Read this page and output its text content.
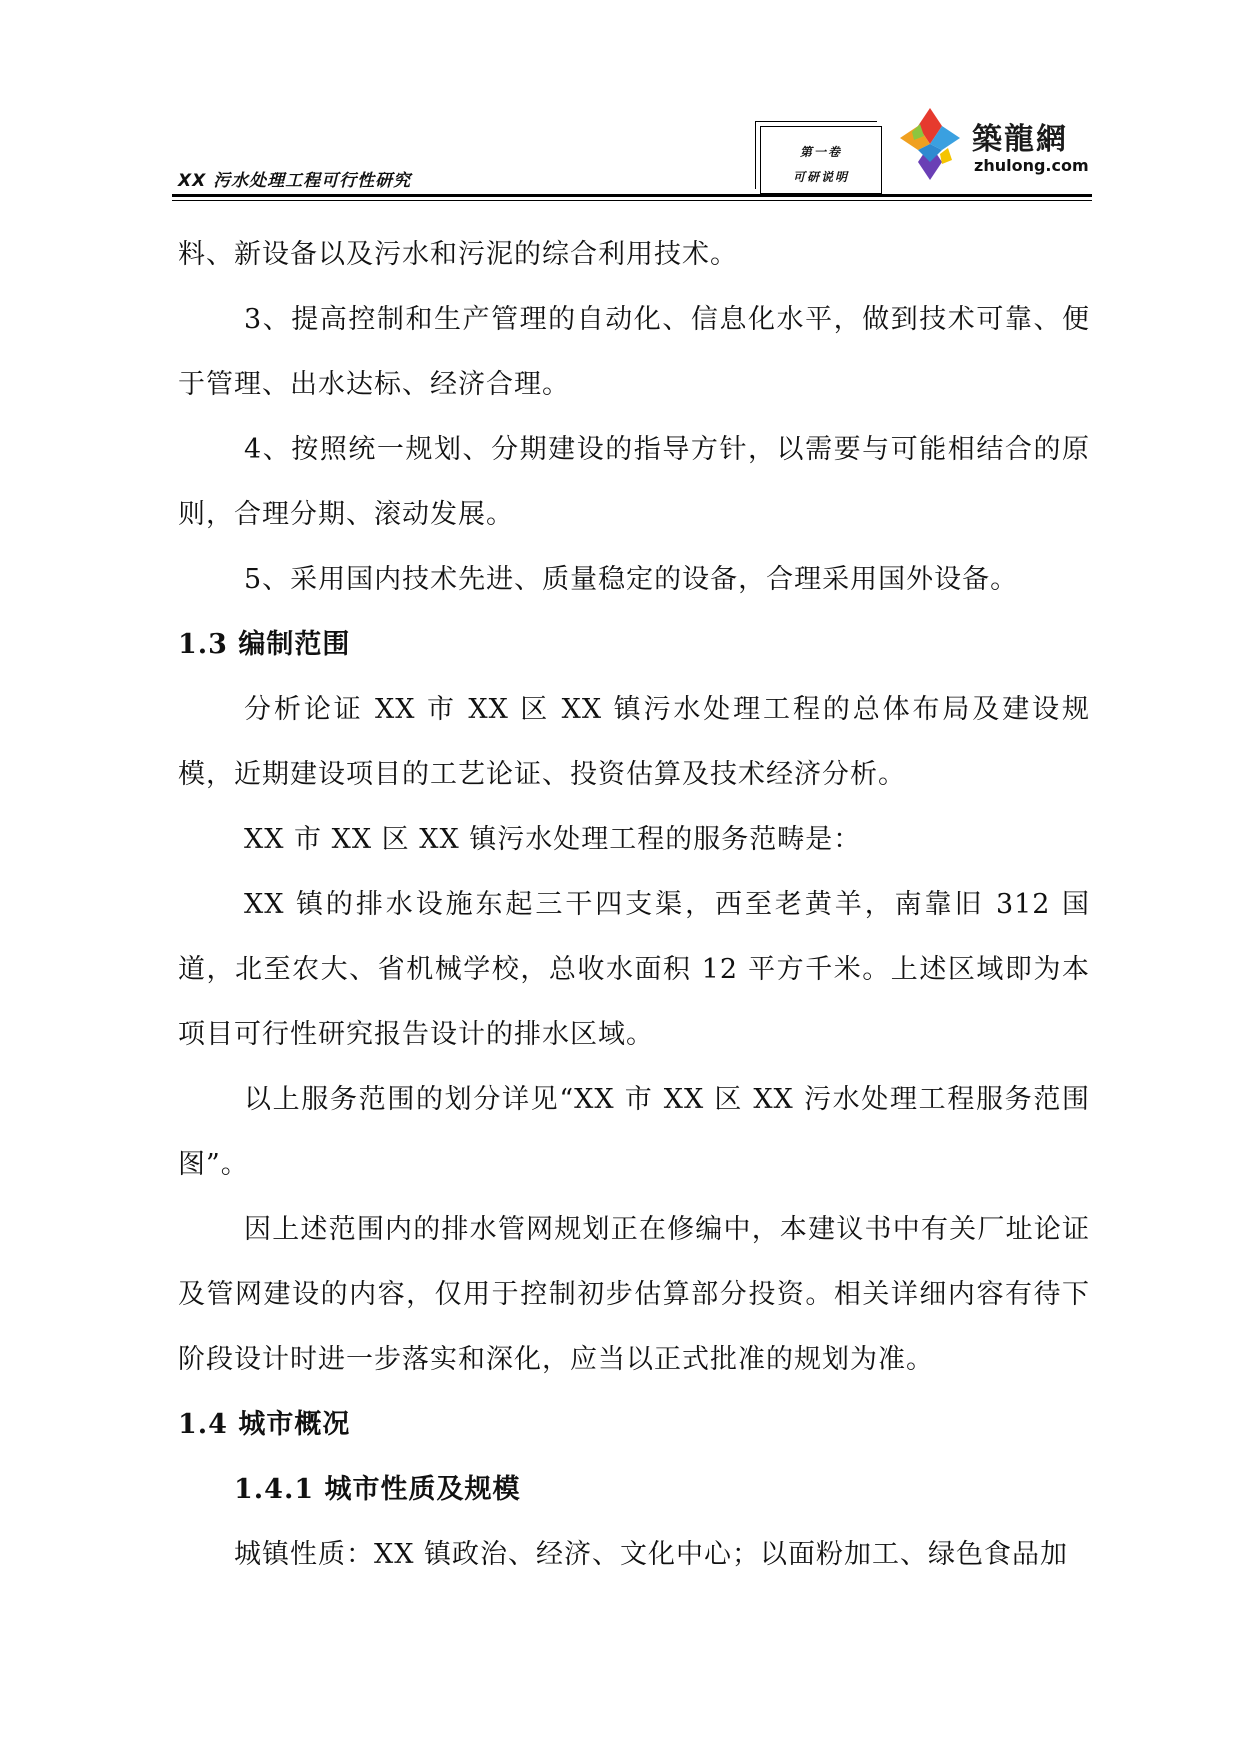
XX 污水处理工程可行性研究
第一卷
可研说明
築龍網
zhulong.com

料、新设备以及污水和污泥的综合利用技术。

3、提高控制和生产管理的自动化、信息化水平，做到技术可靠、便于管理、出水达标、经济合理。

4、按照统一规划、分期建设的指导方针，以需要与可能相结合的原则，合理分期、滚动发展。

5、采用国内技术先进、质量稳定的设备，合理采用国外设备。

1.3 编制范围

分析论证 XX 市 XX 区 XX 镇污水处理工程的总体布局及建设规模，近期建设项目的工艺论证、投资估算及技术经济分析。

XX 市 XX 区 XX 镇污水处理工程的服务范畴是：

XX 镇的排水设施东起三干四支渠，西至老黄羊，南靠旧 312 国道，北至农大、省机械学校，总收水面积 12 平方千米。上述区域即为本项目可行性研究报告设计的排水区域。

以上服务范围的划分详见“XX 市 XX 区 XX 污水处理工程服务范围图”。

因上述范围内的排水管网规划正在修编中，本建议书中有关厂址论证及管网建设的内容，仅用于控制初步估算部分投资。相关详细内容有待下阶段设计时进一步落实和深化，应当以正式批准的规划为准。

1.4 城市概况
1.4.1 城市性质及规模

城镇性质：XX 镇政治、经济、文化中心；以面粉加工、绿色食品加
